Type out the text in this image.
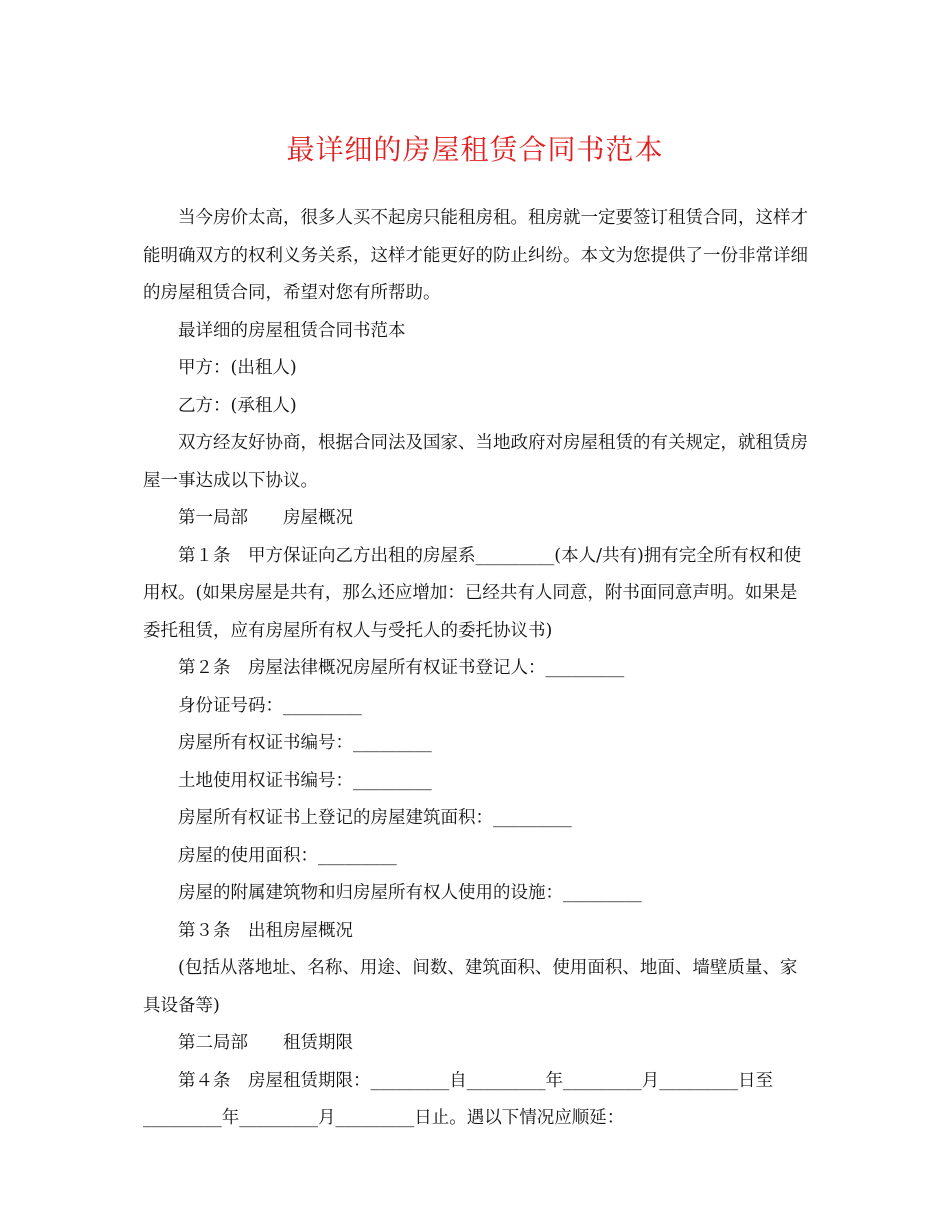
最详细的房屋租赁合同书范本

当今房价太高，很多人买不起房只能租房租。租房就一定要签订租赁合同，这样才能明确双方的权利义务关系，这样才能更好的防止纠纷。本文为您提供了一份非常详细的房屋租赁合同，希望对您有所帮助。

最详细的房屋租赁合同书范本

甲方：(出租人)

乙方：(承租人)

双方经友好协商，根据合同法及国家、当地政府对房屋租赁的有关规定，就租赁房屋一事达成以下协议。

第一局部　　房屋概况

第１条　甲方保证向乙方出租的房屋系_________(本人/共有)拥有完全所有权和使用权。(如果房屋是共有，那么还应增加：已经共有人同意，附书面同意声明。如果是委托租赁，应有房屋所有权人与受托人的委托协议书)

第２条　房屋法律概况房屋所有权证书登记人：_________

身份证号码：_________

房屋所有权证书编号：_________

土地使用权证书编号：_________

房屋所有权证书上登记的房屋建筑面积：_________

房屋的使用面积：_________

房屋的附属建筑物和归房屋所有权人使用的设施：_________

第３条　出租房屋概况

(包括从落地址、名称、用途、间数、建筑面积、使用面积、地面、墙壁质量、家具设备等)

第二局部　　租赁期限

第４条　房屋租赁期限：_________自_________年_________月_________日至_________年_________月_________日止。遇以下情况应顺延：
